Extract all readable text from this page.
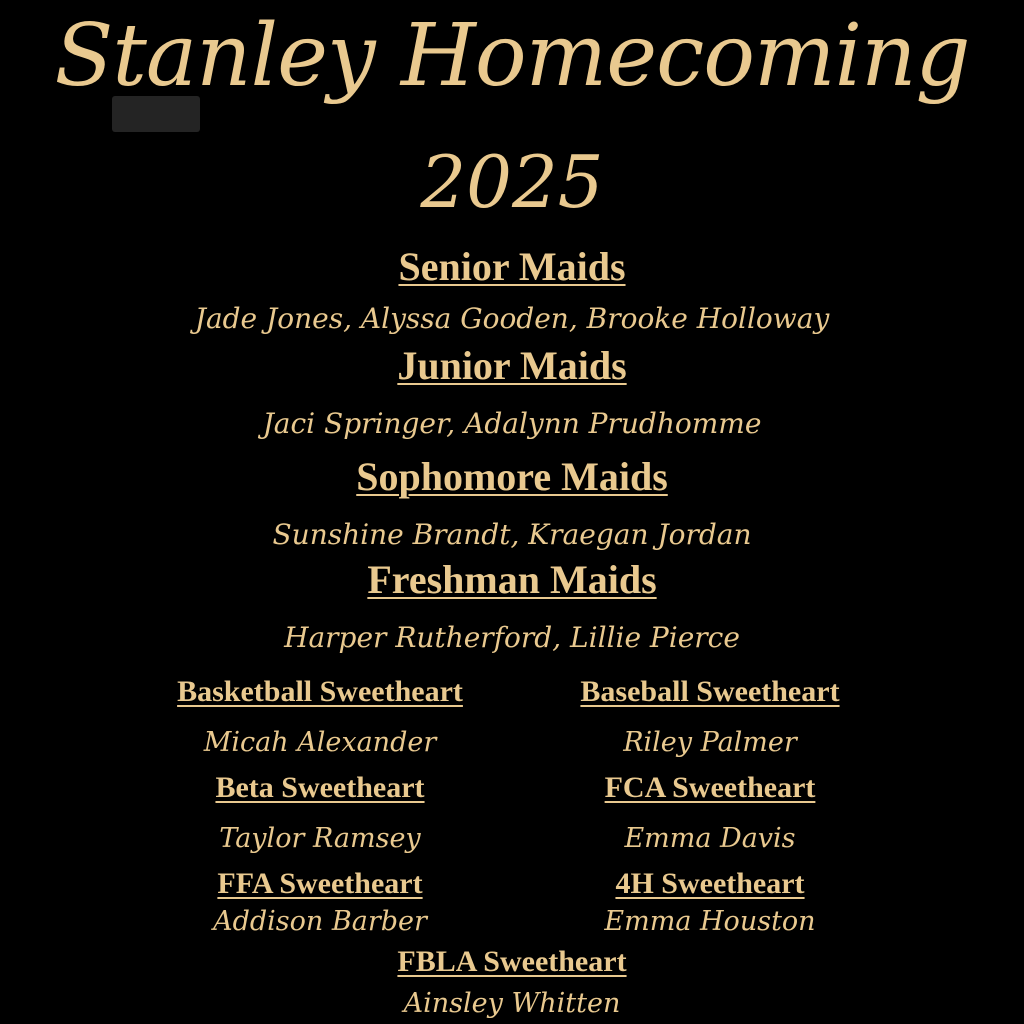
Stanley Homecoming
2025
Senior Maids
Jade Jones, Alyssa Gooden, Brooke Holloway
Junior Maids
Jaci Springer, Adalynn Prudhomme
Sophomore Maids
Sunshine Brandt, Kraegan Jordan
Freshman Maids
Harper Rutherford, Lillie Pierce
Basketball Sweetheart
Micah Alexander
Baseball Sweetheart
Riley Palmer
Beta Sweetheart
Taylor Ramsey
FCA Sweetheart
Emma Davis
FFA Sweetheart
Addison Barber
4H Sweetheart
Emma Houston
FBLA Sweetheart
Ainsley Whitten
